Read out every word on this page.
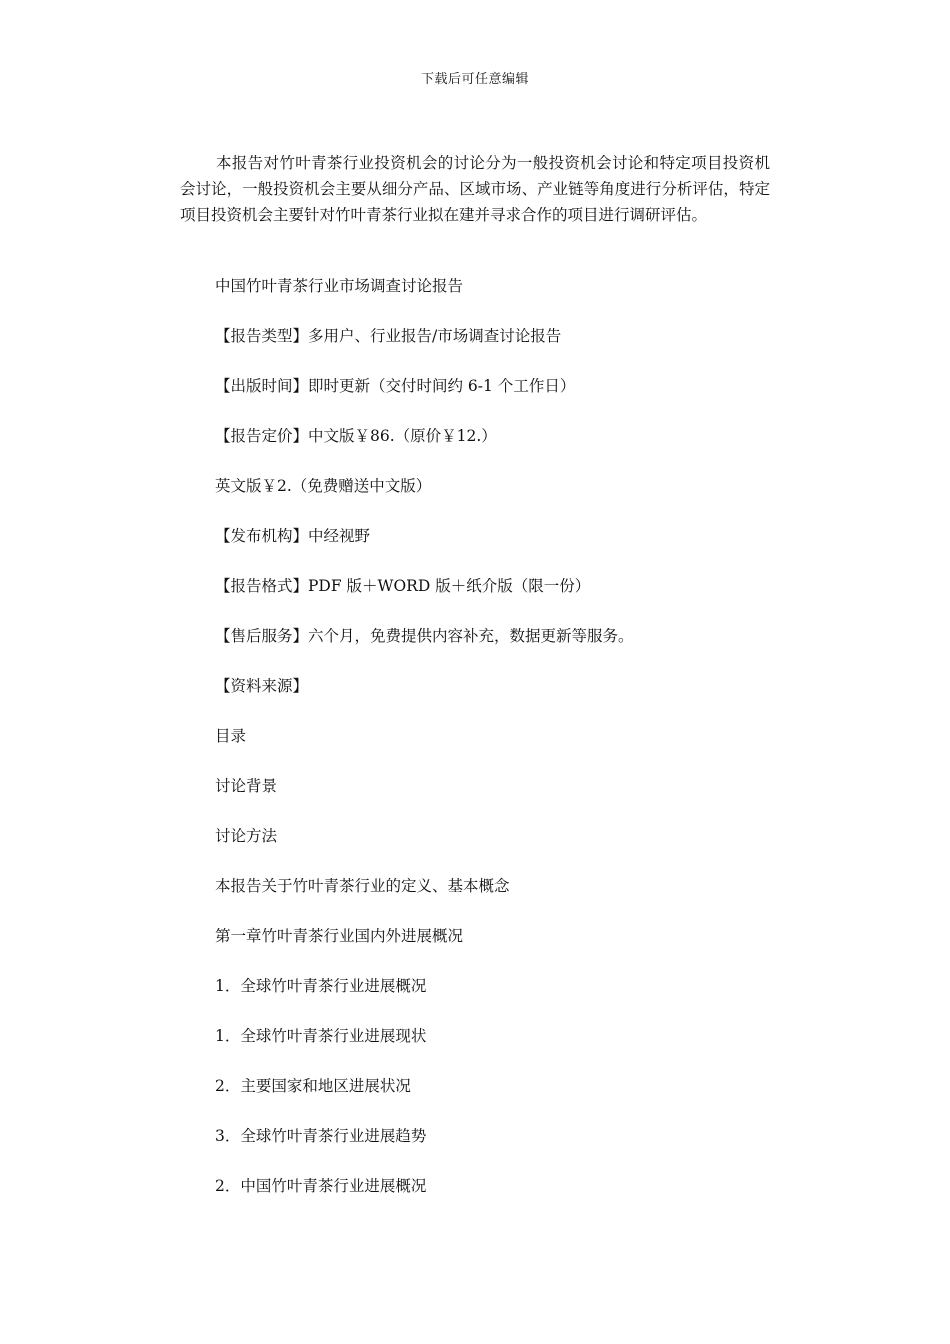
下载后可任意编辑

本报告对竹叶青茶行业投资机会的讨论分为一般投资机会讨论和特定项目投资机会讨论，一般投资机会主要从细分产品、区域市场、产业链等角度进行分析评估，特定项目投资机会主要针对竹叶青茶行业拟在建并寻求合作的项目进行调研评估。

中国竹叶青茶行业市场调查讨论报告
【报告类型】多用户、行业报告/市场调查讨论报告
【出版时间】即时更新（交付时间约 6-1 个工作日）
【报告定价】中文版￥86.（原价￥12.）
英文版￥2.（免费赠送中文版）
【发布机构】中经视野
【报告格式】PDF 版＋WORD 版＋纸介版（限一份）
【售后服务】六个月，免费提供内容补充，数据更新等服务。
【资料来源】
目录
讨论背景
讨论方法
本报告关于竹叶青茶行业的定义、基本概念
第一章竹叶青茶行业国内外进展概况
1．全球竹叶青茶行业进展概况
1．全球竹叶青茶行业进展现状
2．主要国家和地区进展状况
3．全球竹叶青茶行业进展趋势
2．中国竹叶青茶行业进展概况
